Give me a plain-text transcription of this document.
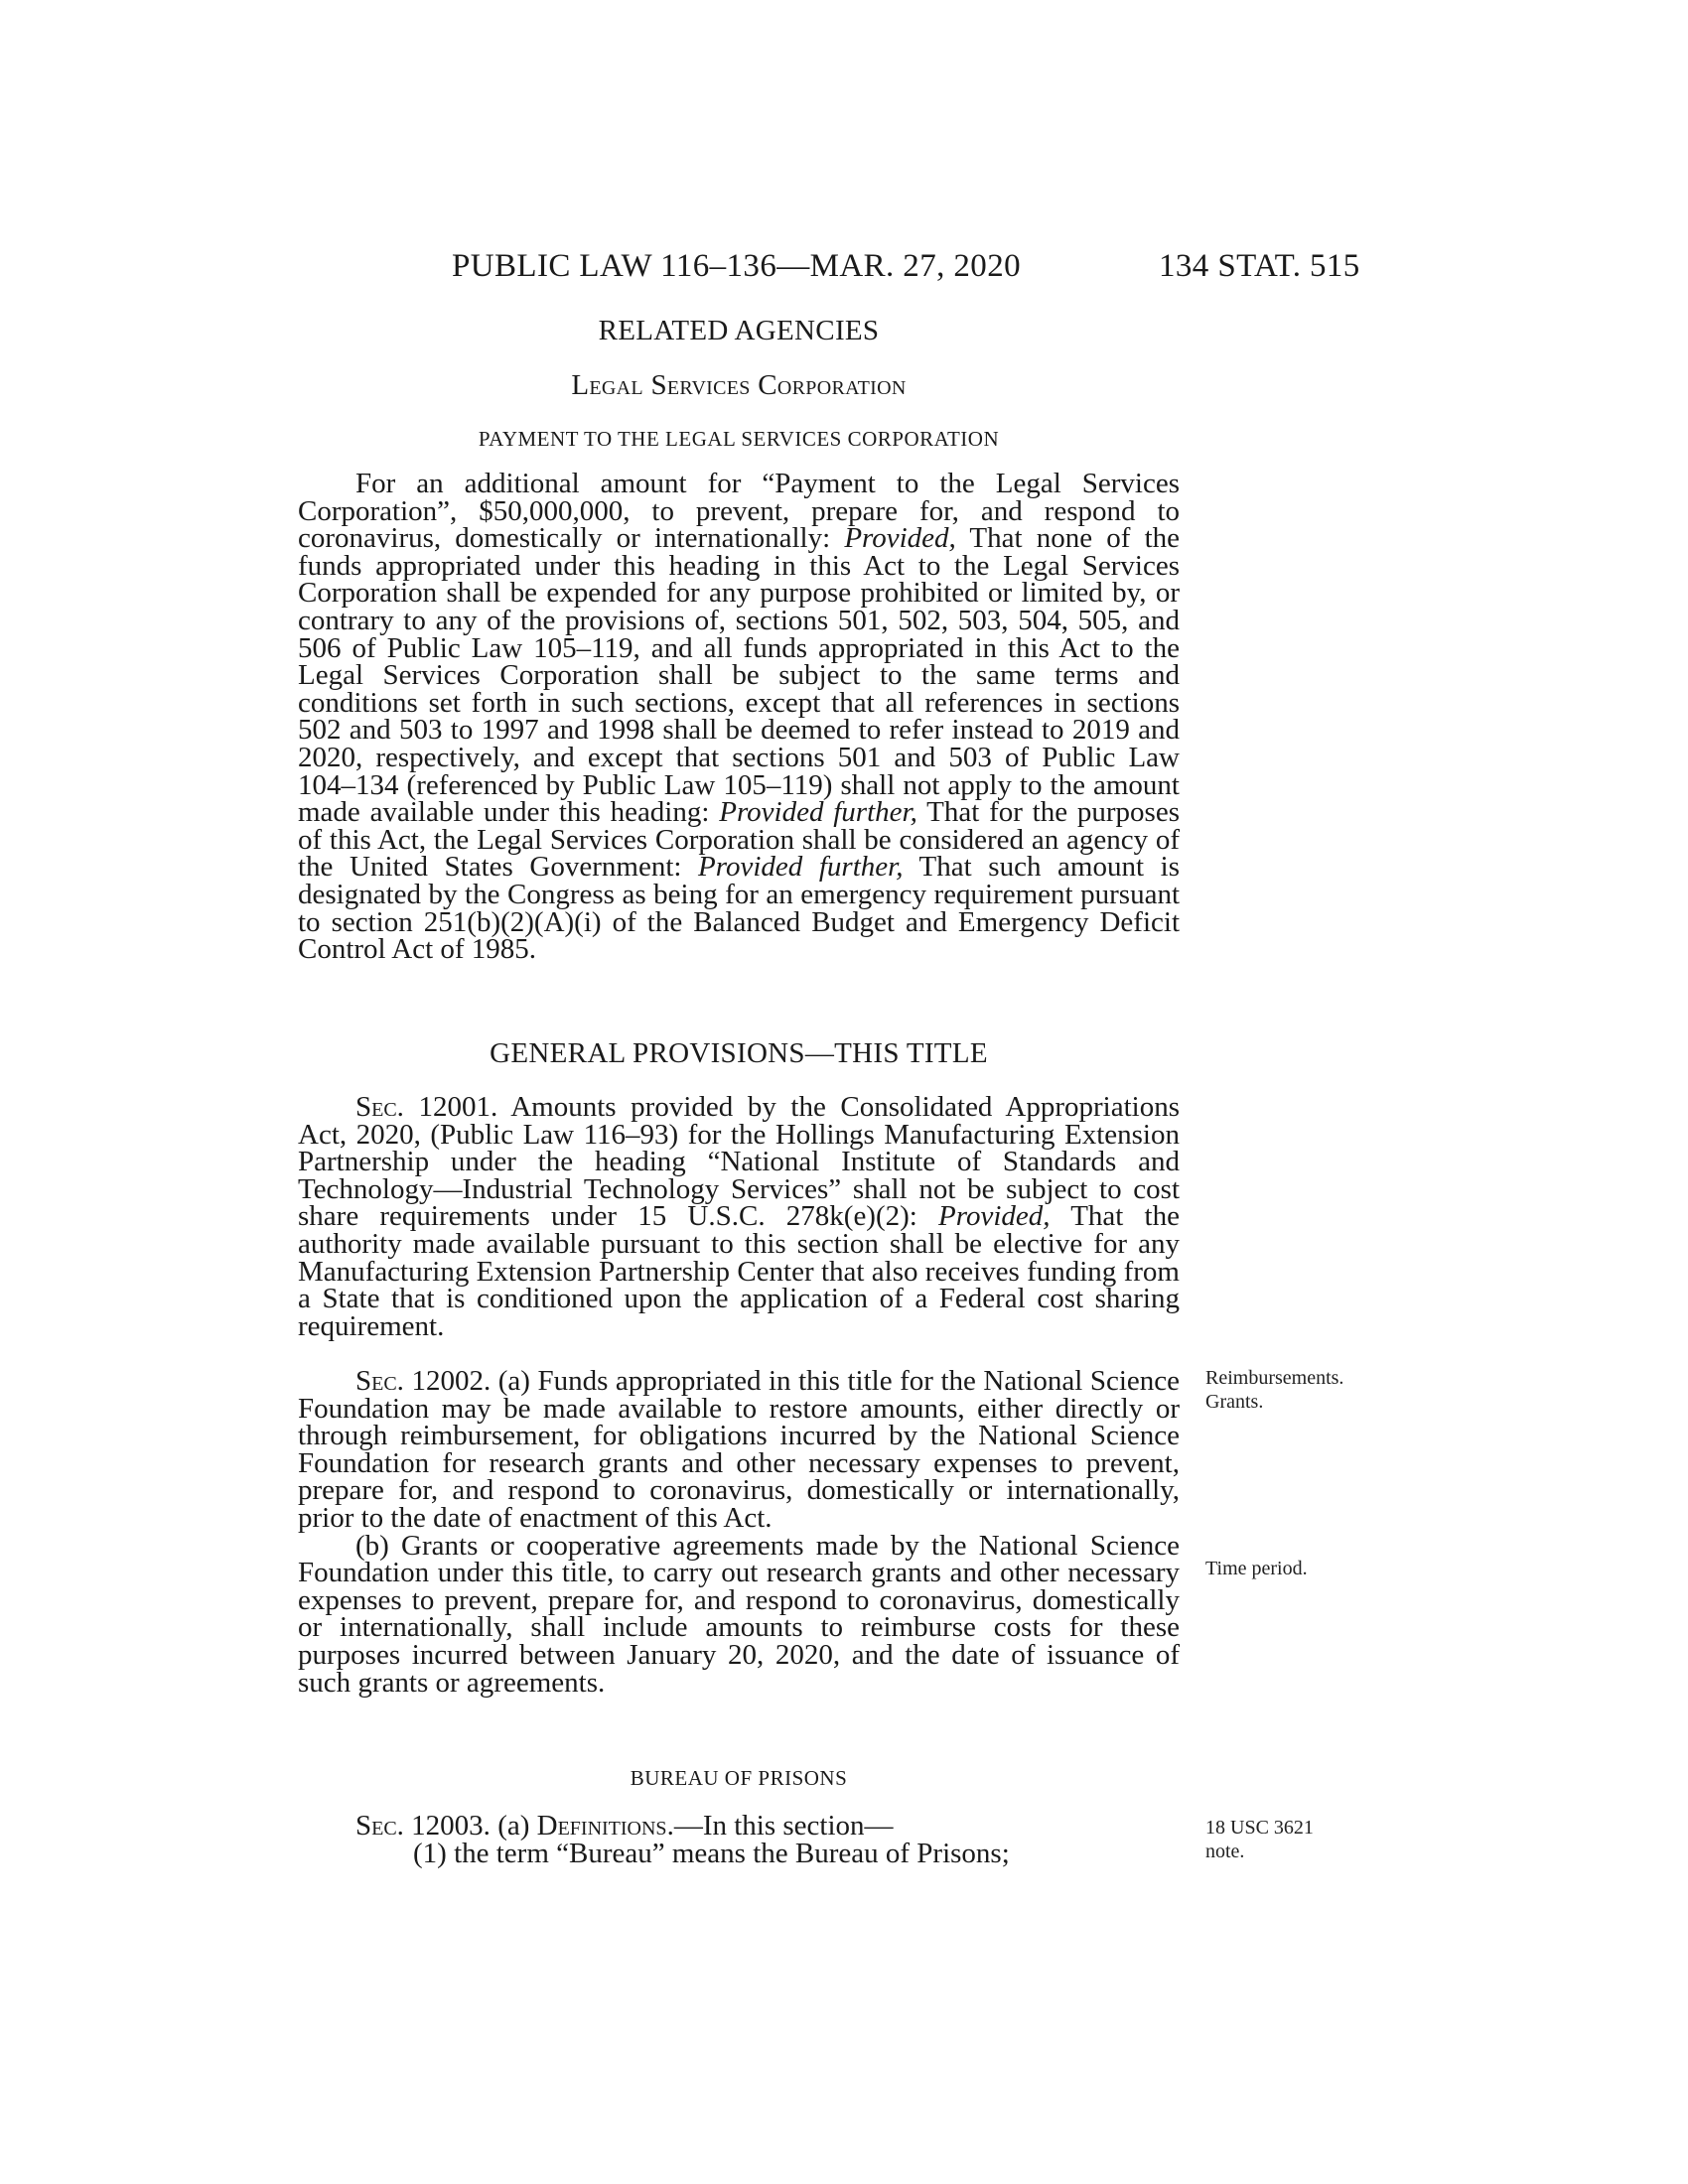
PUBLIC LAW 116–136—MAR. 27, 2020	134 STAT. 515
RELATED AGENCIES
Legal Services Corporation
PAYMENT TO THE LEGAL SERVICES CORPORATION

For an additional amount for “Payment to the Legal Services Corporation”, $50,000,000, to prevent, prepare for, and respond to coronavirus, domestically or internationally: Provided, That none of the funds appropriated under this heading in this Act to the Legal Services Corporation shall be expended for any purpose prohibited or limited by, or contrary to any of the provisions of, sections 501, 502, 503, 504, 505, and 506 of Public Law 105–119, and all funds appropriated in this Act to the Legal Services Corporation shall be subject to the same terms and conditions set forth in such sections, except that all references in sections 502 and 503 to 1997 and 1998 shall be deemed to refer instead to 2019 and 2020, respectively, and except that sections 501 and 503 of Public Law 104–134 (referenced by Public Law 105–119) shall not apply to the amount made available under this heading: Provided further, That for the purposes of this Act, the Legal Services Corporation shall be considered an agency of the United States Government: Provided further, That such amount is designated by the Congress as being for an emergency requirement pursuant to section 251(b)(2)(A)(i) of the Balanced Budget and Emergency Deficit Control Act of 1985.

GENERAL PROVISIONS—THIS TITLE

Sec. 12001. Amounts provided by the Consolidated Appropriations Act, 2020, (Public Law 116–93) for the Hollings Manufacturing Extension Partnership under the heading “National Institute of Standards and Technology—Industrial Technology Services” shall not be subject to cost share requirements under 15 U.S.C. 278k(e)(2): Provided, That the authority made available pursuant to this section shall be elective for any Manufacturing Extension Partnership Center that also receives funding from a State that is conditioned upon the application of a Federal cost sharing requirement.

Sec. 12002. (a) Funds appropriated in this title for the National Science Foundation may be made available to restore amounts, either directly or through reimbursement, for obligations incurred by the National Science Foundation for research grants and other necessary expenses to prevent, prepare for, and respond to coronavirus, domestically or internationally, prior to the date of enactment of this Act.

(b) Grants or cooperative agreements made by the National Science Foundation under this title, to carry out research grants and other necessary expenses to prevent, prepare for, and respond to coronavirus, domestically or internationally, shall include amounts to reimburse costs for these purposes incurred between January 20, 2020, and the date of issuance of such grants or agreements.

BUREAU OF PRISONS
Sec. 12003. (a) Definitions.—In this section—
(1) the term “Bureau” means the Bureau of Prisons;
Reimbursements.
Grants.
Time period.
18 USC 3621
note.
